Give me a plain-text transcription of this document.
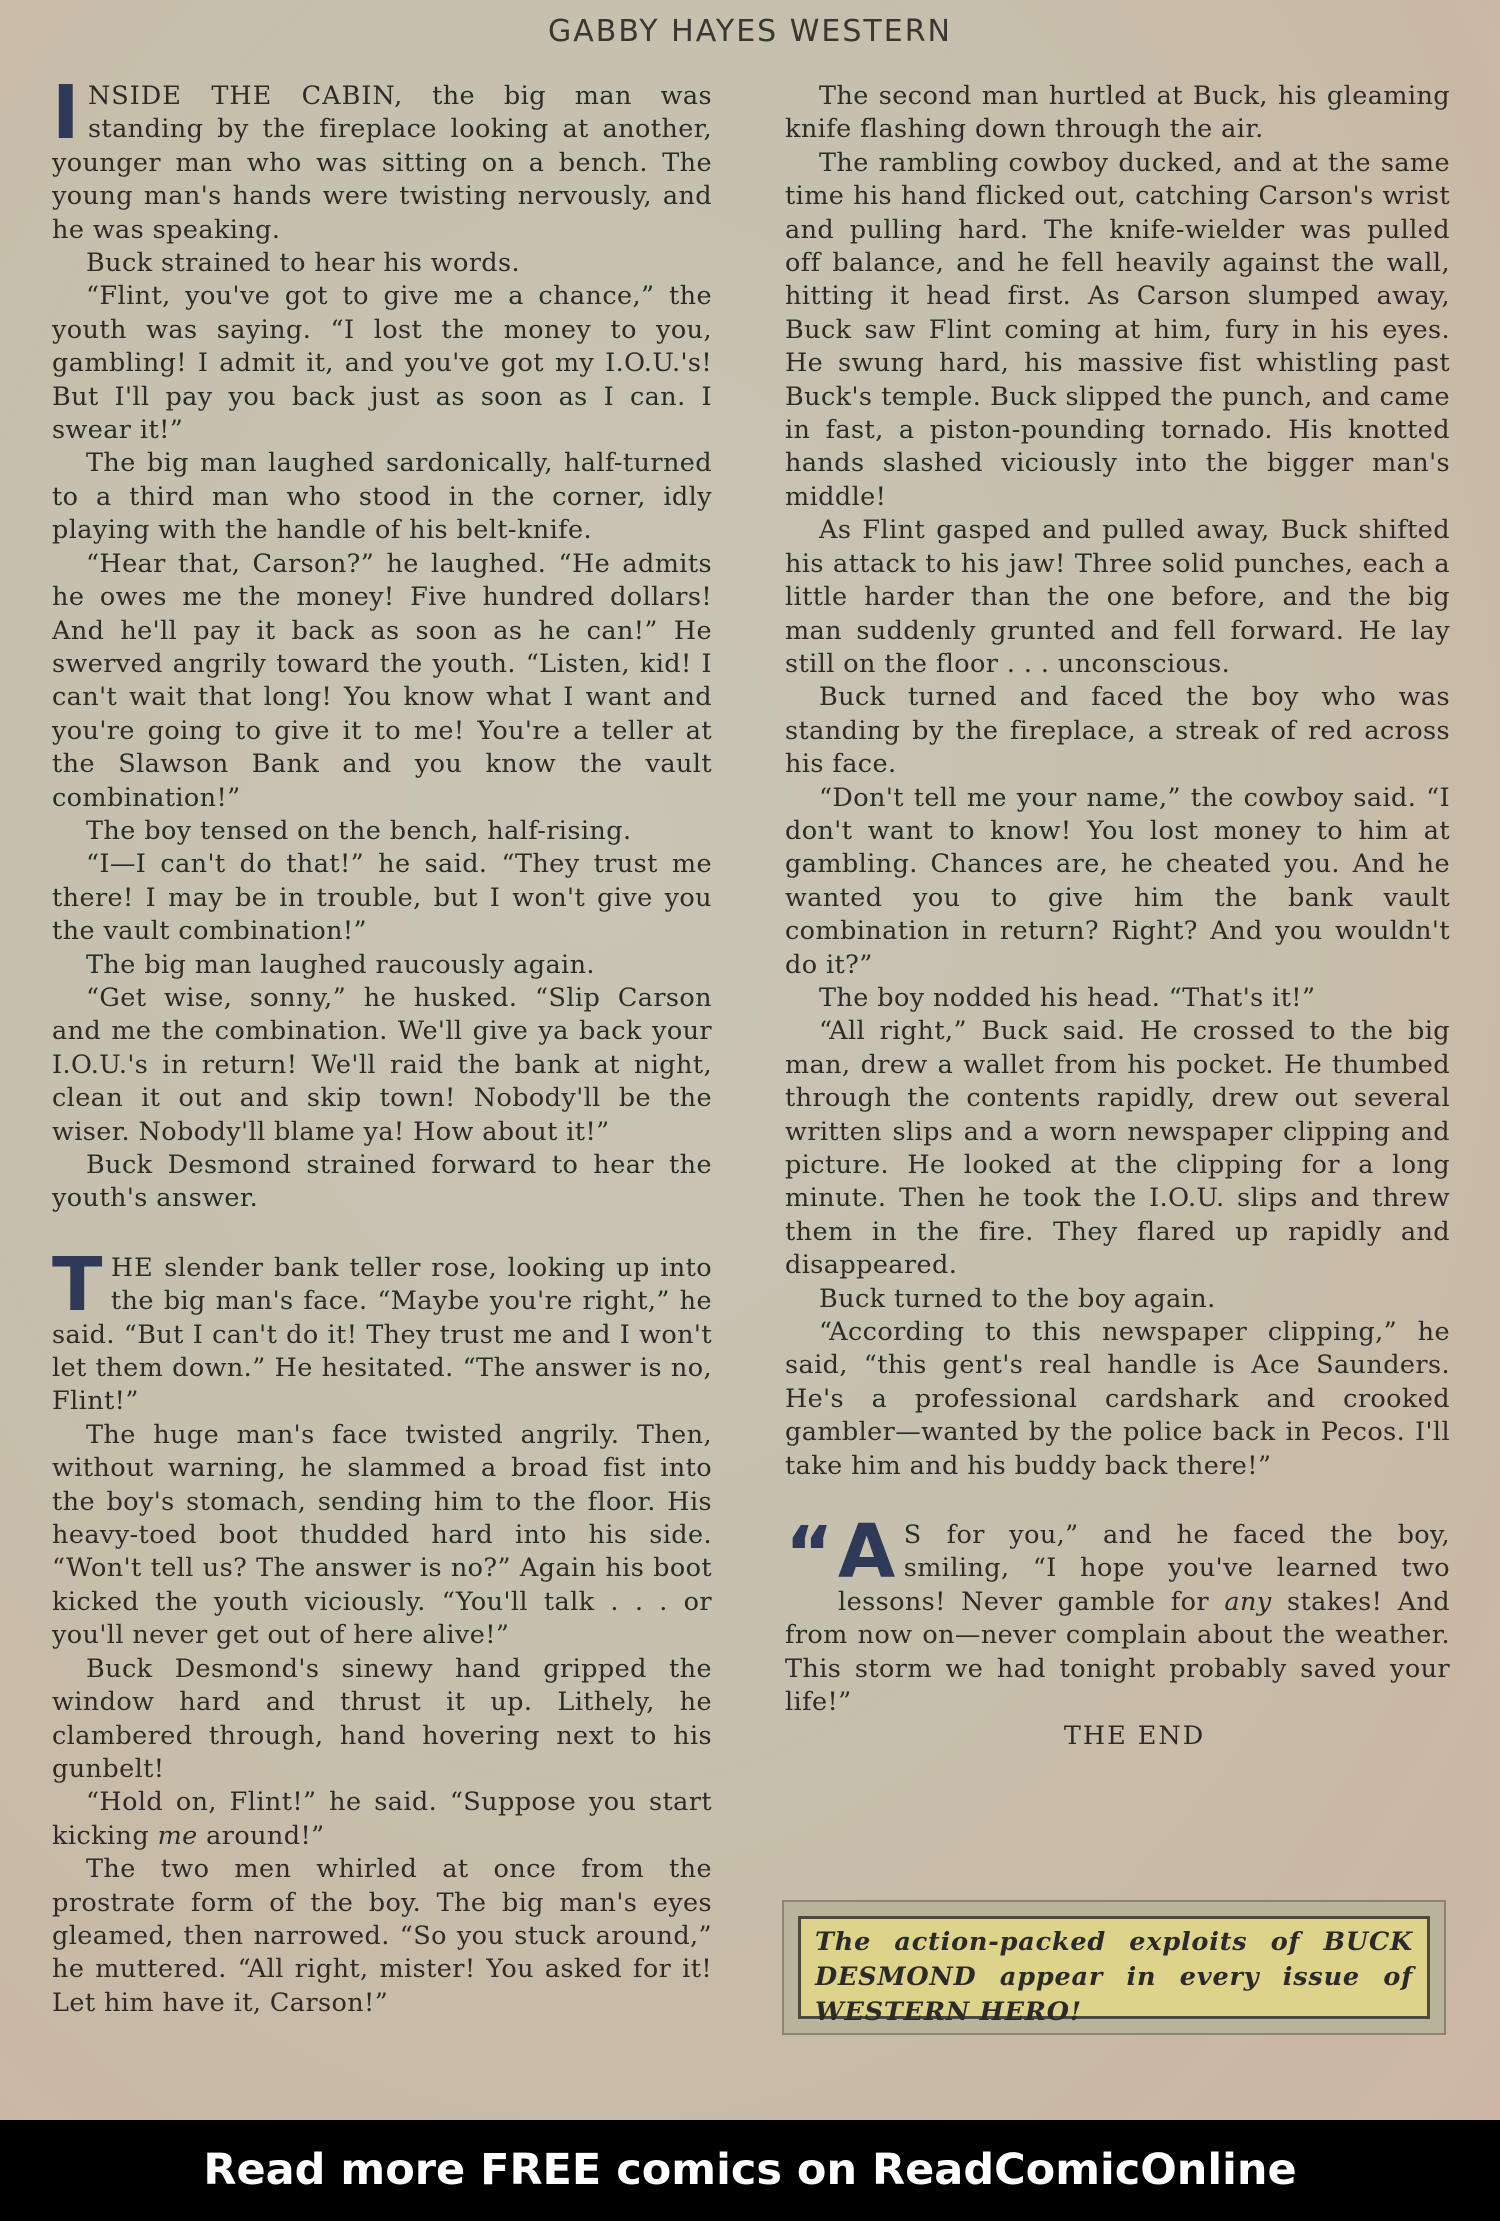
GABBY HAYES WESTERN

INSIDE THE CABIN, the big man was standing by the fireplace looking at another, younger man who was sitting on a bench. The young man's hands were twisting nervously, and he was speaking.

Buck strained to hear his words.

“Flint, you've got to give me a chance,” the youth was saying. “I lost the money to you, gambling! I admit it, and you've got my I.O.U.'s! But I'll pay you back just as soon as I can. I swear it!”

The big man laughed sardonically, half-turned to a third man who stood in the corner, idly playing with the handle of his belt-knife.

“Hear that, Carson?” he laughed. “He admits he owes me the money! Five hundred dollars! And he'll pay it back as soon as he can!” He swerved angrily toward the youth. “Listen, kid! I can't wait that long! You know what I want and you're going to give it to me! You're a teller at the Slawson Bank and you know the vault combination!”

The boy tensed on the bench, half-rising.

“I—I can't do that!” he said. “They trust me there! I may be in trouble, but I won't give you the vault combination!”

The big man laughed raucously again.

“Get wise, sonny,” he husked. “Slip Carson and me the combination. We'll give ya back your I.O.U.'s in return! We'll raid the bank at night, clean it out and skip town! Nobody'll be the wiser. Nobody'll blame ya! How about it!”

Buck Desmond strained forward to hear the youth's answer.

THE slender bank teller rose, looking up into the big man's face. “Maybe you're right,” he said. “But I can't do it! They trust me and I won't let them down.” He hesitated. “The answer is no, Flint!”

The huge man's face twisted angrily. Then, without warning, he slammed a broad fist into the boy's stomach, sending him to the floor. His heavy-toed boot thudded hard into his side. “Won't tell us? The answer is no?” Again his boot kicked the youth viciously. “You'll talk . . . or you'll never get out of here alive!”

Buck Desmond's sinewy hand gripped the window hard and thrust it up. Lithely, he clambered through, hand hovering next to his gunbelt!

“Hold on, Flint!” he said. “Suppose you start kicking me around!”

The two men whirled at once from the prostrate form of the boy. The big man's eyes gleamed, then narrowed. “So you stuck around,” he muttered. “All right, mister! You asked for it! Let him have it, Carson!”

The second man hurtled at Buck, his gleaming knife flashing down through the air.

The rambling cowboy ducked, and at the same time his hand flicked out, catching Carson's wrist and pulling hard. The knife-wielder was pulled off balance, and he fell heavily against the wall, hitting it head first. As Carson slumped away, Buck saw Flint coming at him, fury in his eyes. He swung hard, his massive fist whistling past Buck's temple. Buck slipped the punch, and came in fast, a piston-pounding tornado. His knotted hands slashed viciously into the bigger man's middle!

As Flint gasped and pulled away, Buck shifted his attack to his jaw! Three solid punches, each a little harder than the one before, and the big man suddenly grunted and fell forward. He lay still on the floor . . . unconscious.

Buck turned and faced the boy who was standing by the fireplace, a streak of red across his face.

“Don't tell me your name,” the cowboy said. “I don't want to know! You lost money to him at gambling. Chances are, he cheated you. And he wanted you to give him the bank vault combination in return? Right? And you wouldn't do it?”

The boy nodded his head. “That's it!”

“All right,” Buck said. He crossed to the big man, drew a wallet from his pocket. He thumbed through the contents rapidly, drew out several written slips and a worn newspaper clipping and picture. He looked at the clipping for a long minute. Then he took the I.O.U. slips and threw them in the fire. They flared up rapidly and disappeared.

Buck turned to the boy again.

“According to this newspaper clipping,” he said, “this gent's real handle is Ace Saunders. He's a professional cardshark and crooked gambler—wanted by the police back in Pecos. I'll take him and his buddy back there!”

“ A S for you,” and he faced the boy, smiling, “I hope you've learned two lessons! Never gamble for any stakes! And from now on—never complain about the weather. This storm we had tonight probably saved your life!”

THE END

The action-packed exploits of BUCK DESMOND appear in every issue of WESTERN HERO!
Read more FREE comics on ReadComicOnline
